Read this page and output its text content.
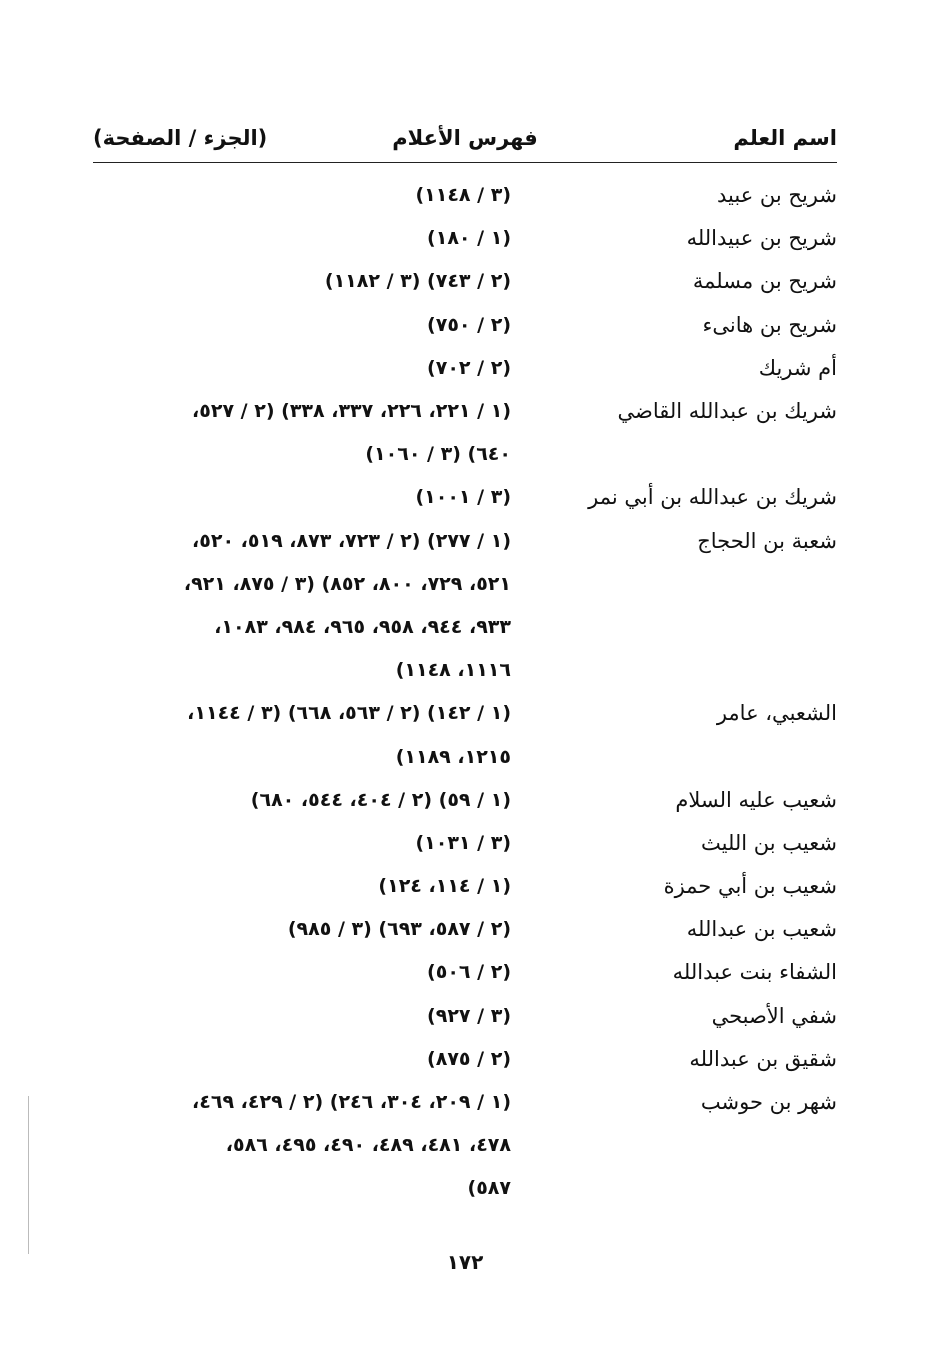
اسم العلم
فهرس الأعلام
(الجزء / الصفحة)
شريح بن عبيد
(٣ / ١١٤٨)
شريح بن عبيدالله
(١ / ١٨٠)
شريح بن مسلمة
(٢ / ٧٤٣) (٣ / ١١٨٢)
شريح بن هانىء
(٢ / ٧٥٠)
أم شريك
(٢ / ٧٠٢)
شريك بن عبدالله القاضي
(١ / ٢٢١، ٢٢٦، ٣٣٧، ٣٣٨) (٢ / ٥٢٧،
٦٤٠) (٣ / ١٠٦٠)
شريك بن عبدالله بن أبي نمر
(٣ / ١٠٠١)
شعبة بن الحجاج
(١ / ٢٧٧) (٢ / ٧٢٣، ٨٧٣، ٥١٩، ٥٢٠،
٥٢١، ٧٢٩، ٨٠٠، ٨٥٢) (٣ / ٨٧٥، ٩٢١،
٩٣٣، ٩٤٤، ٩٥٨، ٩٦٥، ٩٨٤، ١٠٨٣،
١١١٦، ١١٤٨)
الشعبي، عامر
(١ / ١٤٢) (٢ / ٥٦٣، ٦٦٨) (٣ / ١١٤٤،
١٢١٥، ١١٨٩)
شعيب عليه السلام
(١ / ٥٩) (٢ / ٤٠٤، ٥٤٤، ٦٨٠)
شعيب بن الليث
(٣ / ١٠٣١)
شعيب بن أبي حمزة
(١ / ١١٤، ١٢٤)
شعيب بن عبدالله
(٢ / ٥٨٧، ٦٩٣) (٣ / ٩٨٥)
الشفاء بنت عبدالله
(٢ / ٥٠٦)
شفي الأصبحي
(٣ / ٩٢٧)
شقيق بن عبدالله
(٢ / ٨٧٥)
شهر بن حوشب
(١ / ٢٠٩، ٣٠٤، ٢٤٦) (٢ / ٤٢٩، ٤٦٩،
٤٧٨، ٤٨١، ٤٨٩، ٤٩٠، ٤٩٥، ٥٨٦،
٥٨٧)
١٧٢
